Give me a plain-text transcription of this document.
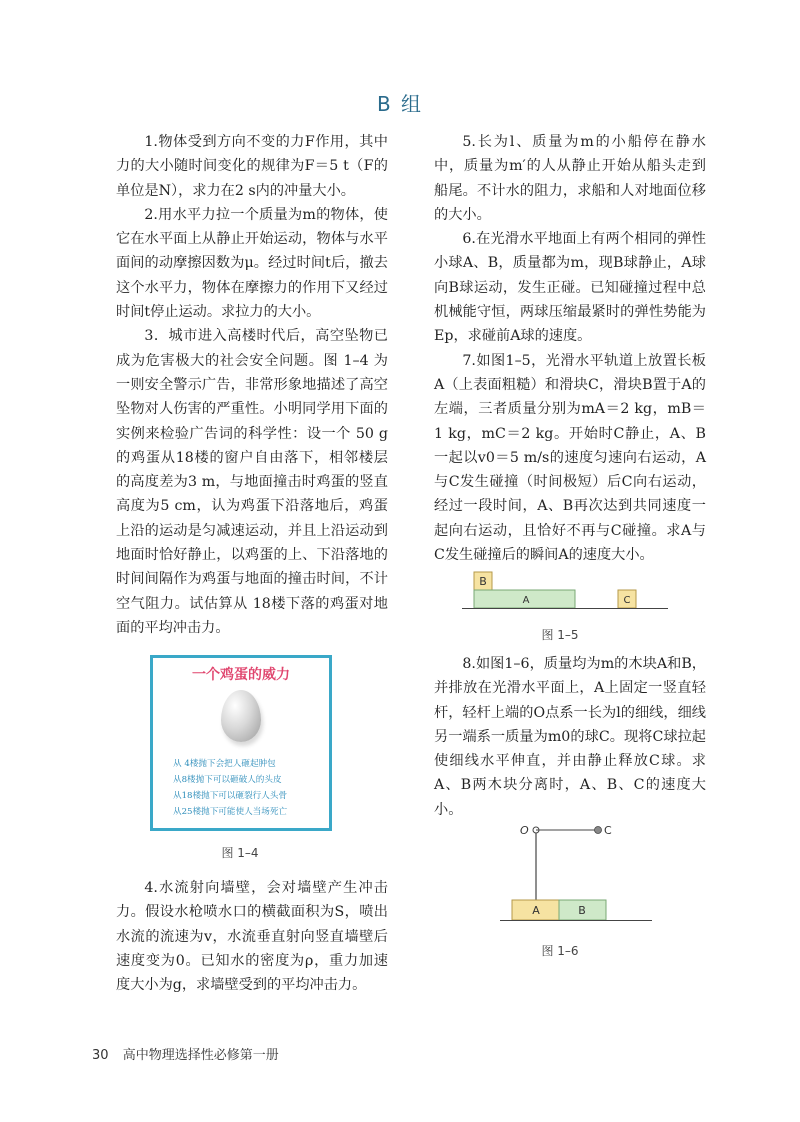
B 组

1.物体受到方向不变的力F作用，其中力的大小随时间变化的规律为F＝5 t（F的单位是N），求力在2 s内的冲量大小。

2.用水平力拉一个质量为m的物体，使它在水平面上从静止开始运动，物体与水平面间的动摩擦因数为μ。经过时间t后，撤去这个水平力，物体在摩擦力的作用下又经过时间t停止运动。求拉力的大小。

3．城市进入高楼时代后，高空坠物已成为危害极大的社会安全问题。图 1–4 为一则安全警示广告，非常形象地描述了高空坠物对人伤害的严重性。小明同学用下面的实例来检验广告词的科学性：设一个 50 g的鸡蛋从18楼的窗户自由落下，相邻楼层的高度差为3 m，与地面撞击时鸡蛋的竖直高度为5 cm，认为鸡蛋下沿落地后，鸡蛋上沿的运动是匀减速运动，并且上沿运动到地面时恰好静止，以鸡蛋的上、下沿落地的时间间隔作为鸡蛋与地面的撞击时间，不计空气阻力。试估算从 18楼下落的鸡蛋对地面的平均冲击力。

一个鸡蛋的威力
从 4楼抛下会把人砸起肿包
从8楼抛下可以砸破人的头皮
从18楼抛下可以砸裂行人头骨
从25楼抛下可能使人当场死亡
图 1–4

4.水流射向墙壁，会对墙壁产生冲击力。假设水枪喷水口的横截面积为S，喷出水流的流速为v，水流垂直射向竖直墙壁后速度变为0。已知水的密度为ρ，重力加速度大小为g，求墙壁受到的平均冲击力。

5.长为l、质量为m的小船停在静水中，质量为m′的人从静止开始从船头走到船尾。不计水的阻力，求船和人对地面位移的大小。

6.在光滑水平地面上有两个相同的弹性小球A、B，质量都为m，现B球静止，A球向B球运动，发生正碰。已知碰撞过程中总机械能守恒，两球压缩最紧时的弹性势能为Ep，求碰前A球的速度。

7.如图1–5，光滑水平轨道上放置长板A（上表面粗糙）和滑块C，滑块B置于A的左端，三者质量分别为mA＝2 kg，mB＝1 kg，mC＝2 kg。开始时C静止，A、B一起以v0＝5 m/s的速度匀速向右运动，A与C发生碰撞（时间极短）后C向右运动，经过一段时间，A、B再次达到共同速度一起向右运动，且恰好不再与C碰撞。求A与C发生碰撞后的瞬间A的速度大小。

B
A	C
图 1–5

8.如图1–6，质量均为m的木块A和B，并排放在光滑水平面上，A上固定一竖直轻杆，轻杆上端的O点系一长为l的细线，细线另一端系一质量为m0的球C。现将C球拉起使细线水平伸直，并由静止释放C球。求A、B两木块分离时，A、B、C的速度大小。

O	C
A	B
图 1–6
30 高中物理选择性必修第一册
